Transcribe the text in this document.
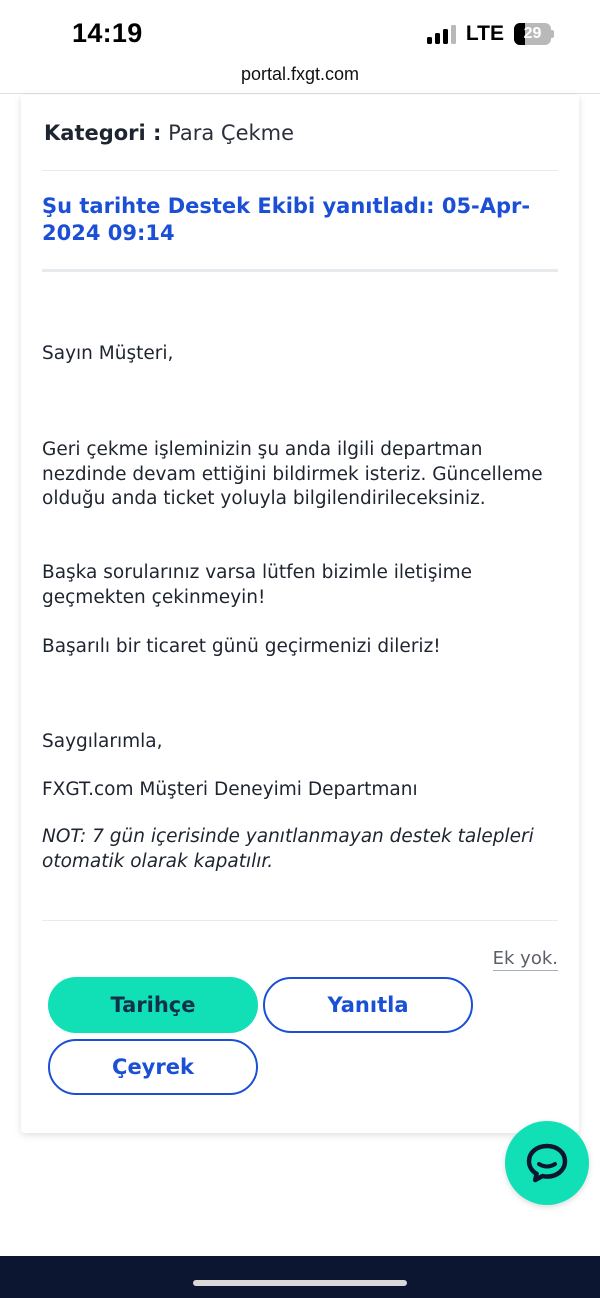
14:19	LTE	29
portal.fxgt.com
Kategori : Para Çekme
Şu tarihte Destek Ekibi yanıtladı: 05-Apr-2024 09:14
Sayın Müşteri,
Geri çekme işleminizin şu anda ilgili departman nezdinde devam ettiğini bildirmek isteriz. Güncelleme olduğu anda ticket yoluyla bilgilendirileceksiniz.
Başka sorularınız varsa lütfen bizimle iletişime geçmekten çekinmeyin!
Başarılı bir ticaret günü geçirmenizi dileriz!
Saygılarımla,
FXGT.com Müşteri Deneyimi Departmanı
NOT: 7 gün içerisinde yanıtlanmayan destek talepleri otomatik olarak kapatılır.
Ek yok.
Tarihçe	Yanıtla
Çeyrek
